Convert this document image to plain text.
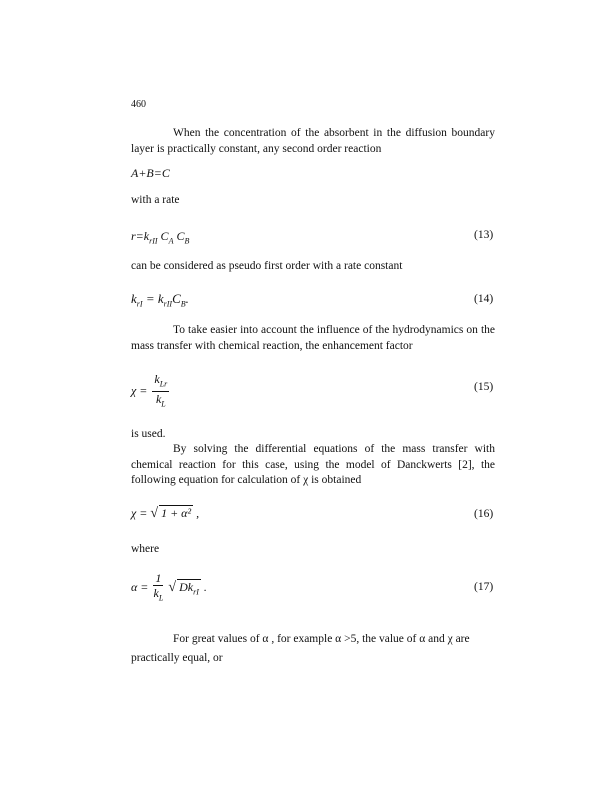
460
When the concentration of the absorbent in the diffusion boundary layer is practically constant, any second order reaction
A+B=C
with a rate
$r=k_{rII}$ $C_A$ $C_B$	(13)
can be considered as pseudo first order with a rate constant
$k_{rI} = k_{rII}C_B$.	(14)
To take easier into account the influence of the hydrodynamics on the mass transfer with chemical reaction, the enhancement factor
$\chi = \frac{k_{Lr}}{k_L}$	(15)
is used.
By solving the differential equations of the mass transfer with chemical reaction for this case, using the model of Danckwerts [2], the following equation for calculation of χ is obtained
χ = √ 1 + α² ,	(16)
where
$\alpha = \frac{1}{k_L}$ √ $Dk_{rI}$ .	(17)
For great values of α , for example α >5, the value of α and χ are
practically equal, or
